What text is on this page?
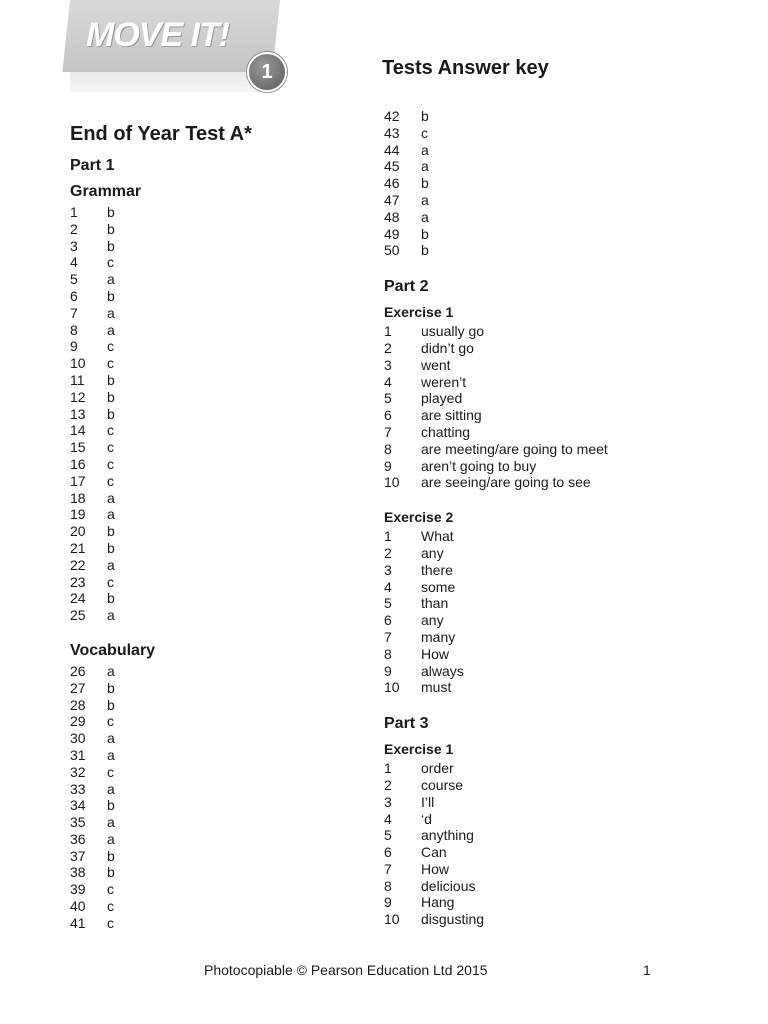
MOVE IT!
1	Tests Answer key
End of Year Test A*
Part 1
Grammar
1	b
2	b
3	b
4	c
5	a
6	b
7	a
8	a
9	c
10	c
11	b
12	b
13	b
14	c
15	c
16	c
17	c
18	a
19	a
20	b
21	b
22	a
23	c
24	b
25	a
Vocabulary
26	a
27	b
28	b
29	c
30	a
31	a
32	c
33	a
34	b
35	a
36	a
37	b
38	b
39	c
40	c
41	c
42	b
43	c
44	a
45	a
46	b
47	a
48	a
49	b
50	b
Part 2
Exercise 1
1	usually go
2	didn’t go
3	went
4	weren’t
5	played
6	are sitting
7	chatting
8	are meeting/are going to meet
9	aren’t going to buy
10	are seeing/are going to see
Exercise 2
1	What
2	any
3	there
4	some
5	than
6	any
7	many
8	How
9	always
10	must
Part 3
Exercise 1
1	order
2	course
3	I’ll
4	‘d
5	anything
6	Can
7	How
8	delicious
9	Hang
10	disgusting
Photocopiable © Pearson Education Ltd 2015	1
